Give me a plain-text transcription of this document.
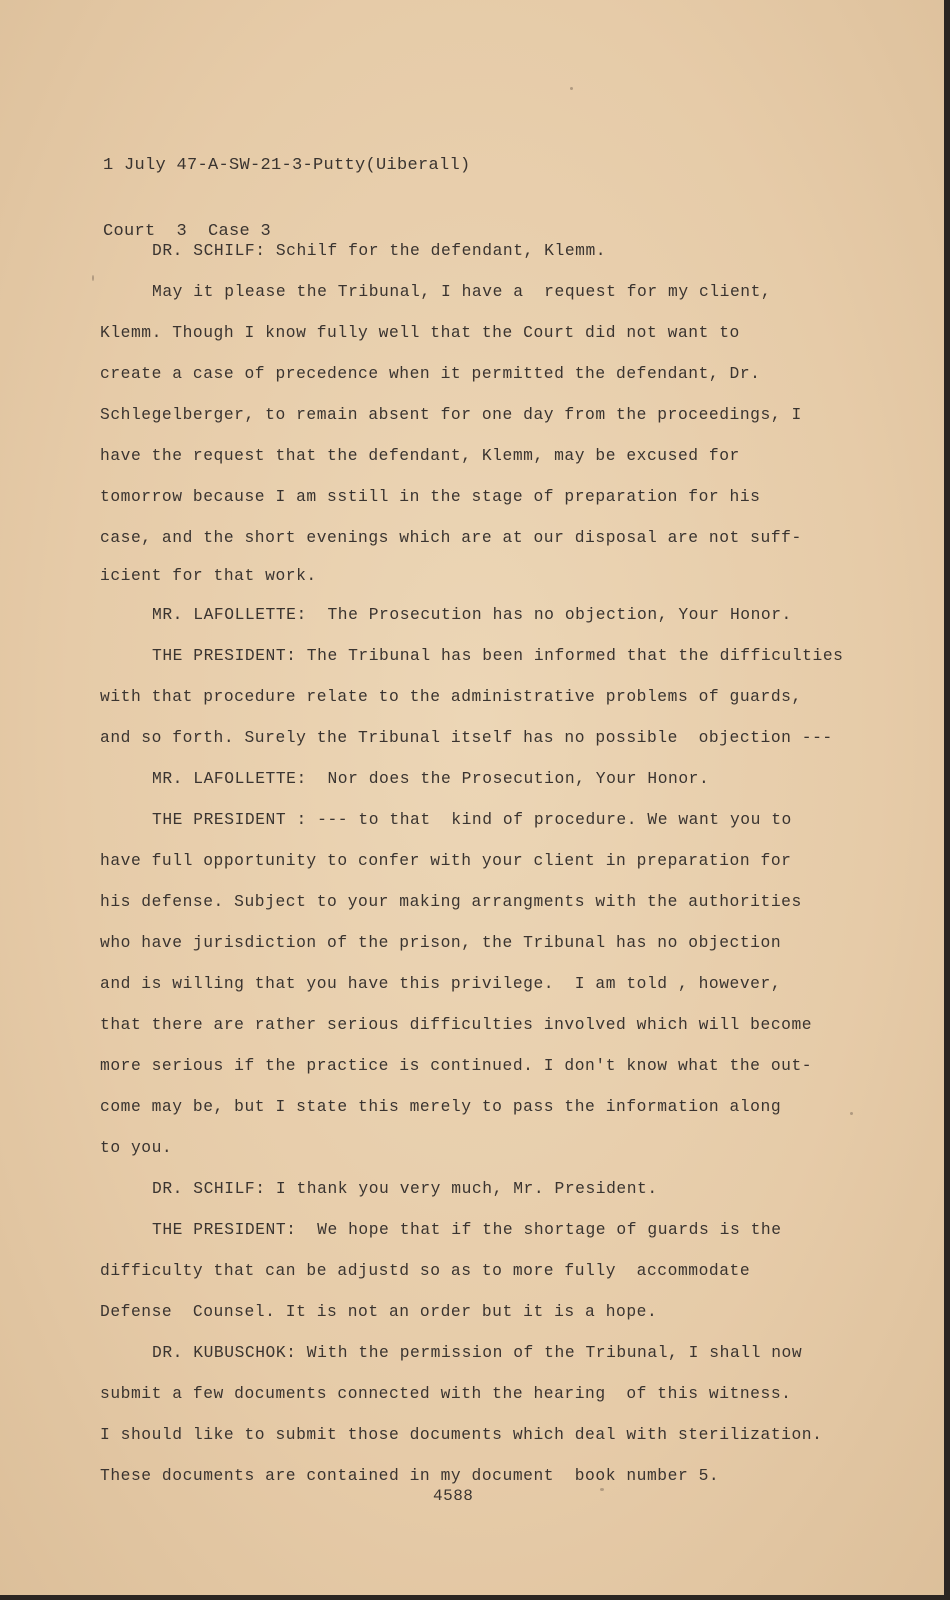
1 July 47-A-SW-21-3-Putty(Uiberall)

Court  3  Case 3

DR. SCHILF: Schilf for the defendant, Klemm.
May it please the Tribunal, I have a  request for my client,
Klemm. Though I know fully well that the Court did not want to
create a case of precedence when it permitted the defendant, Dr.
Schlegelberger, to remain absent for one day from the proceedings, I
have the request that the defendant, Klemm, may be excused for
tomorrow because I am sstill in the stage of preparation for his
case, and the short evenings which are at our disposal are not suff-
icient for that work.
MR. LAFOLLETTE:  The Prosecution has no objection, Your Honor.
THE PRESIDENT: The Tribunal has been informed that the difficulties
with that procedure relate to the administrative problems of guards,
and so forth. Surely the Tribunal itself has no possible  objection ---
MR. LAFOLLETTE:  Nor does the Prosecution, Your Honor.
THE PRESIDENT : --- to that  kind of procedure. We want you to
have full opportunity to confer with your client in preparation for
his defense. Subject to your making arrangments with the authorities
who have jurisdiction of the prison, the Tribunal has no objection
and is willing that you have this privilege.  I am told , however,
that there are rather serious difficulties involved which will become
more serious if the practice is continued. I don't know what the out-
come may be, but I state this merely to pass the information along
to you.
DR. SCHILF: I thank you very much, Mr. President.
THE PRESIDENT:  We hope that if the shortage of guards is the
difficulty that can be adjustd so as to more fully  accommodate
Defense  Counsel. It is not an order but it is a hope.
DR. KUBUSCHOK: With the permission of the Tribunal, I shall now
submit a few documents connected with the hearing  of this witness.
I should like to submit those documents which deal with sterilization.
These documents are contained in my document  book number 5.
4588
